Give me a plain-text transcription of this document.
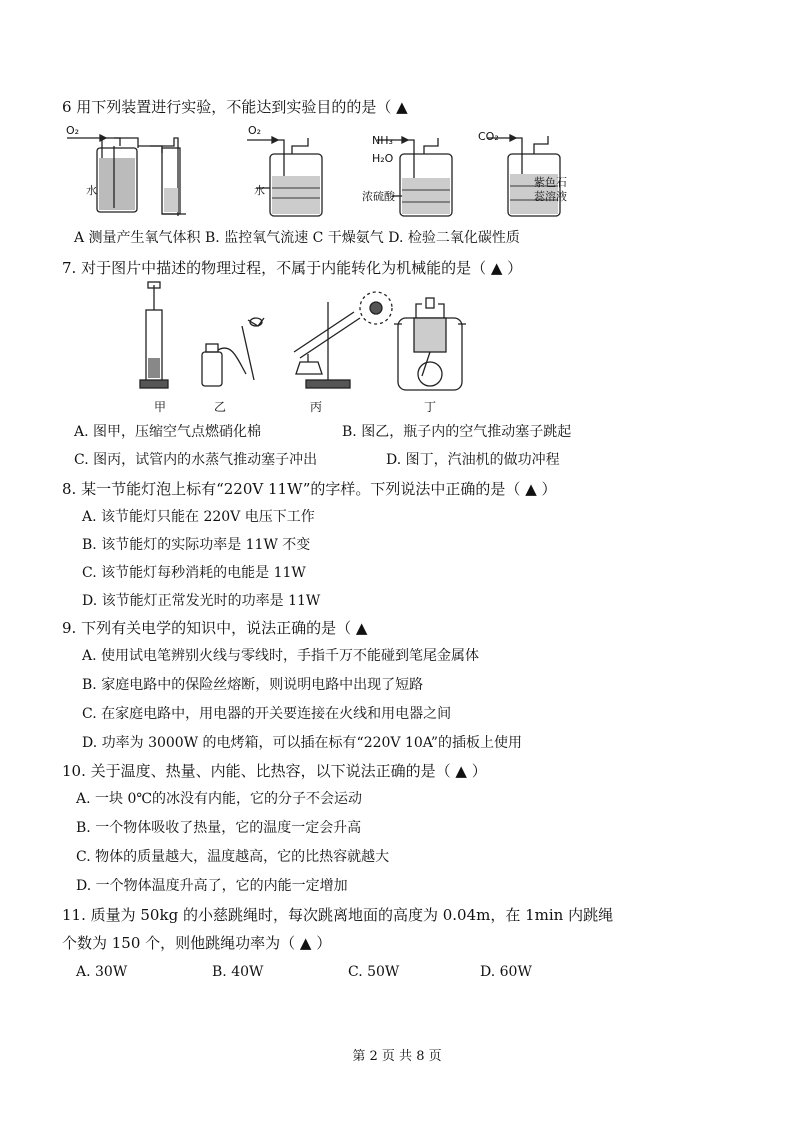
6 用下列装置进行实验，不能达到实验目的的是（ ▲
O₂
水
O₂
水
NH₃
H₂O
浓硫酸
CO₂
紫色石
蕊溶液
A 测量产生氧气体积 B. 监控氧气流速 C 干燥氨气 D. 检验二氧化碳性质
7. 对于图片中描述的物理过程，不属于内能转化为机械能的是（ ▲ ）
甲	乙	丙	丁
A. 图甲，压缩空气点燃硝化棉	B. 图乙，瓶子内的空气推动塞子跳起
C. 图丙，试管内的水蒸气推动塞子冲出	D. 图丁，汽油机的做功冲程
8. 某一节能灯泡上标有“220V 11W”的字样。下列说法中正确的是（ ▲ ）
A. 该节能灯只能在 220V 电压下工作
B. 该节能灯的实际功率是 11W 不变
C. 该节能灯每秒消耗的电能是 11W
D. 该节能灯正常发光时的功率是 11W
9. 下列有关电学的知识中，说法正确的是（ ▲
A. 使用试电笔辨别火线与零线时，手指千万不能碰到笔尾金属体
B. 家庭电路中的保险丝熔断，则说明电路中出现了短路
C. 在家庭电路中，用电器的开关要连接在火线和用电器之间
D. 功率为 3000W 的电烤箱，可以插在标有“220V 10A”的插板上使用
10. 关于温度、热量、内能、比热容，以下说法正确的是（ ▲ ）
A. 一块 0℃的冰没有内能，它的分子不会运动
B. 一个物体吸收了热量，它的温度一定会升高
C. 物体的质量越大，温度越高，它的比热容就越大
D. 一个物体温度升高了，它的内能一定增加
11. 质量为 50kg 的小慈跳绳时，每次跳离地面的高度为 0.04m，在 1min 内跳绳
个数为 150 个，则他跳绳功率为（ ▲ ）
A. 30W	B. 40W	C. 50W	D. 60W
第 2 页 共 8 页
